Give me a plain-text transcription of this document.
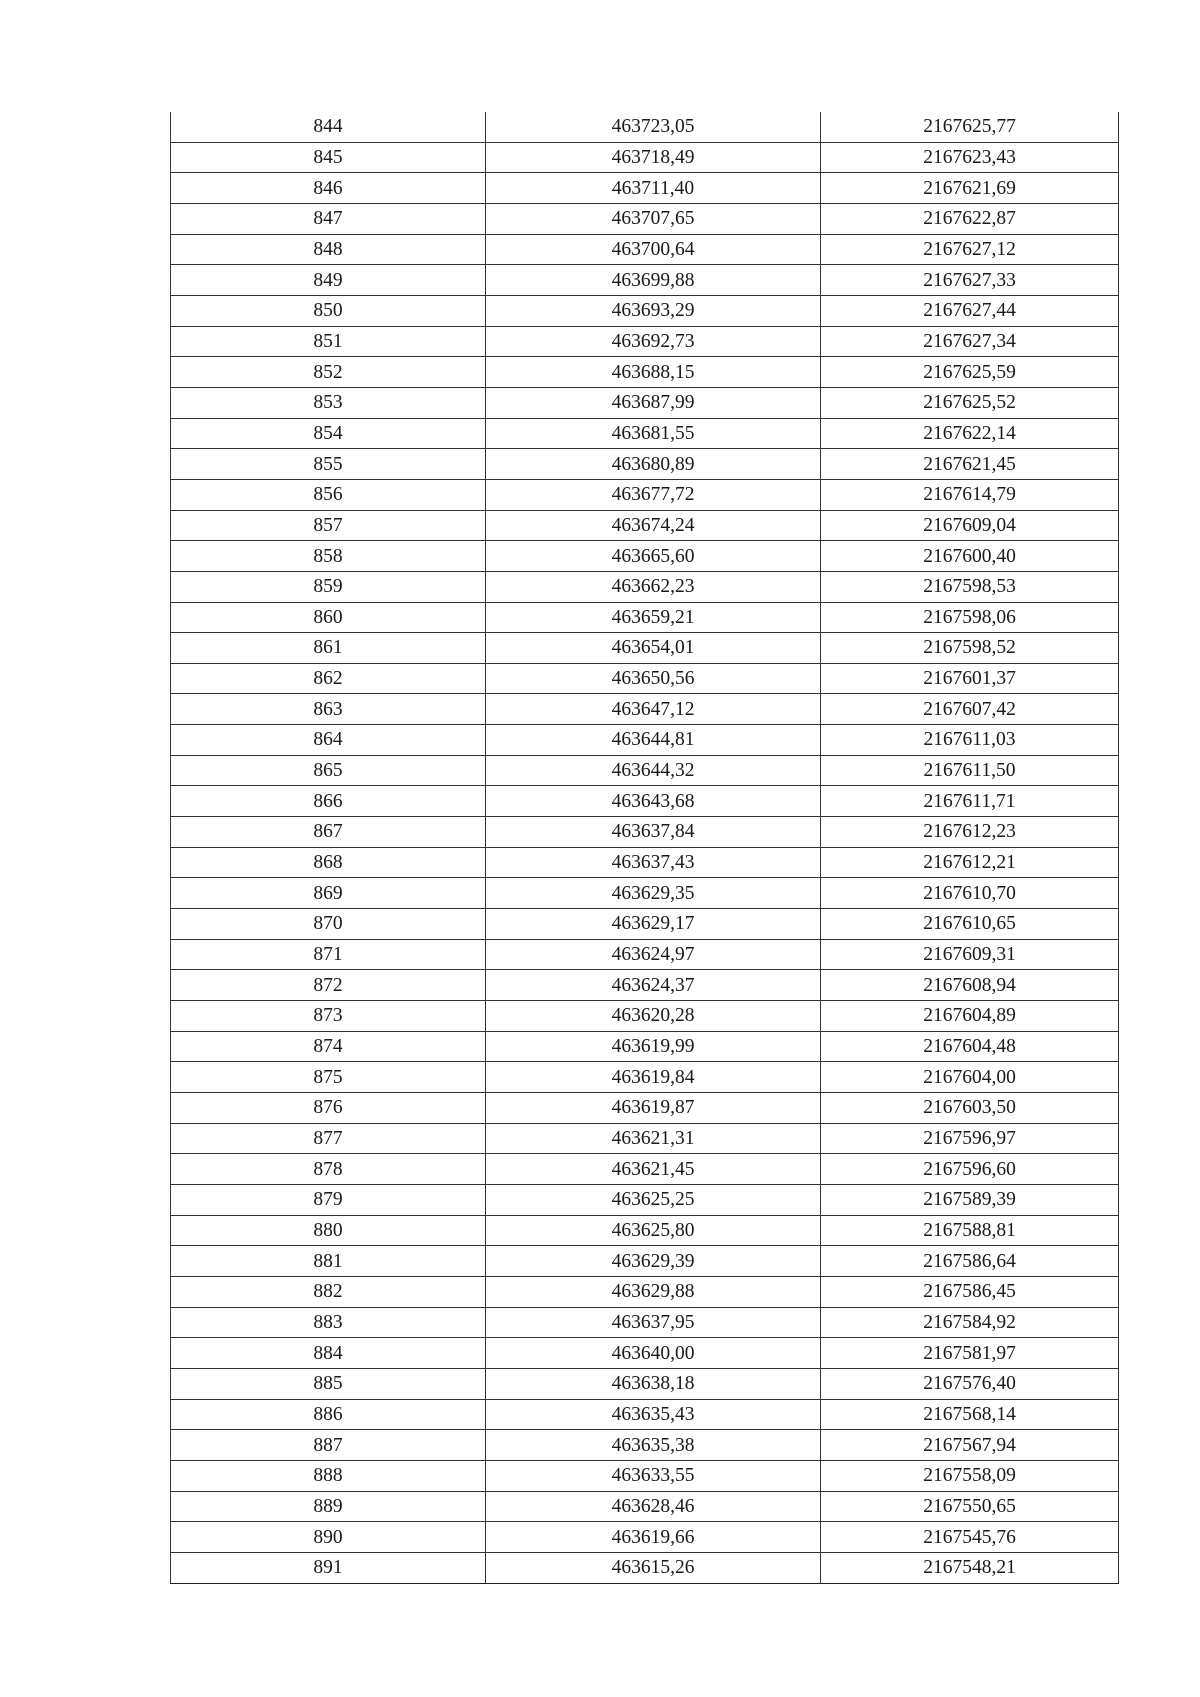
844	463723,05	2167625,77
845	463718,49	2167623,43
846	463711,40	2167621,69
847	463707,65	2167622,87
848	463700,64	2167627,12
849	463699,88	2167627,33
850	463693,29	2167627,44
851	463692,73	2167627,34
852	463688,15	2167625,59
853	463687,99	2167625,52
854	463681,55	2167622,14
855	463680,89	2167621,45
856	463677,72	2167614,79
857	463674,24	2167609,04
858	463665,60	2167600,40
859	463662,23	2167598,53
860	463659,21	2167598,06
861	463654,01	2167598,52
862	463650,56	2167601,37
863	463647,12	2167607,42
864	463644,81	2167611,03
865	463644,32	2167611,50
866	463643,68	2167611,71
867	463637,84	2167612,23
868	463637,43	2167612,21
869	463629,35	2167610,70
870	463629,17	2167610,65
871	463624,97	2167609,31
872	463624,37	2167608,94
873	463620,28	2167604,89
874	463619,99	2167604,48
875	463619,84	2167604,00
876	463619,87	2167603,50
877	463621,31	2167596,97
878	463621,45	2167596,60
879	463625,25	2167589,39
880	463625,80	2167588,81
881	463629,39	2167586,64
882	463629,88	2167586,45
883	463637,95	2167584,92
884	463640,00	2167581,97
885	463638,18	2167576,40
886	463635,43	2167568,14
887	463635,38	2167567,94
888	463633,55	2167558,09
889	463628,46	2167550,65
890	463619,66	2167545,76
891	463615,26	2167548,21
